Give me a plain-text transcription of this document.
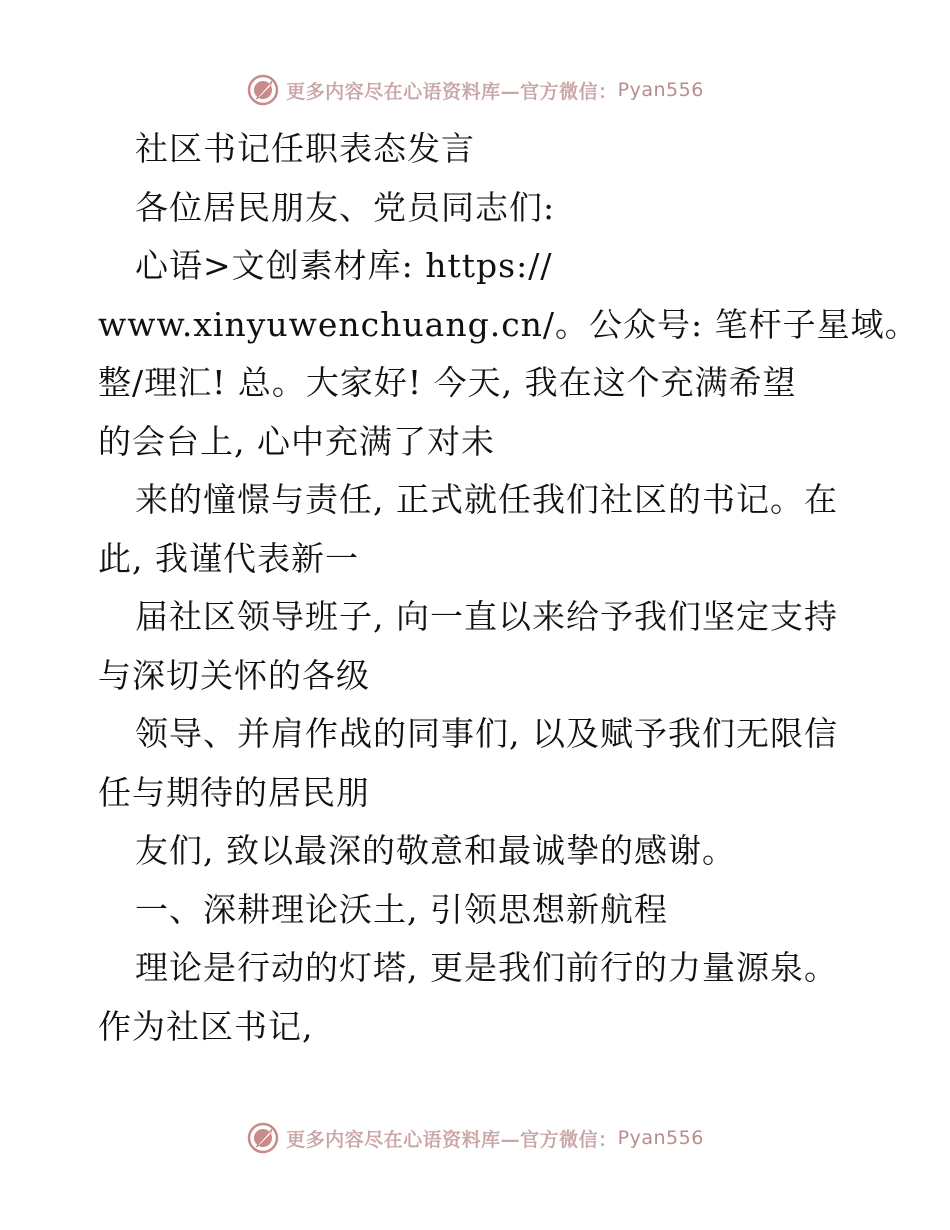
更多内容尽在心语资料库—官方微信： Pyan556
社区书记任职表态发言
各位居民朋友、党员同志们:
心语>文创素材库: https://
www.xinyuwenchuang.cn/。公众号: 笔杆子星域。
整/理汇! 总。大家好! 今天, 我在这个充满希望
的会台上, 心中充满了对未
来的憧憬与责任, 正式就任我们社区的书记。在
此, 我谨代表新一
届社区领导班子, 向一直以来给予我们坚定支持
与深切关怀的各级
领导、并肩作战的同事们, 以及赋予我们无限信
任与期待的居民朋
友们, 致以最深的敬意和最诚挚的感谢。
一、深耕理论沃土, 引领思想新航程
理论是行动的灯塔, 更是我们前行的力量源泉。
作为社区书记,
更多内容尽在心语资料库—官方微信： Pyan556
